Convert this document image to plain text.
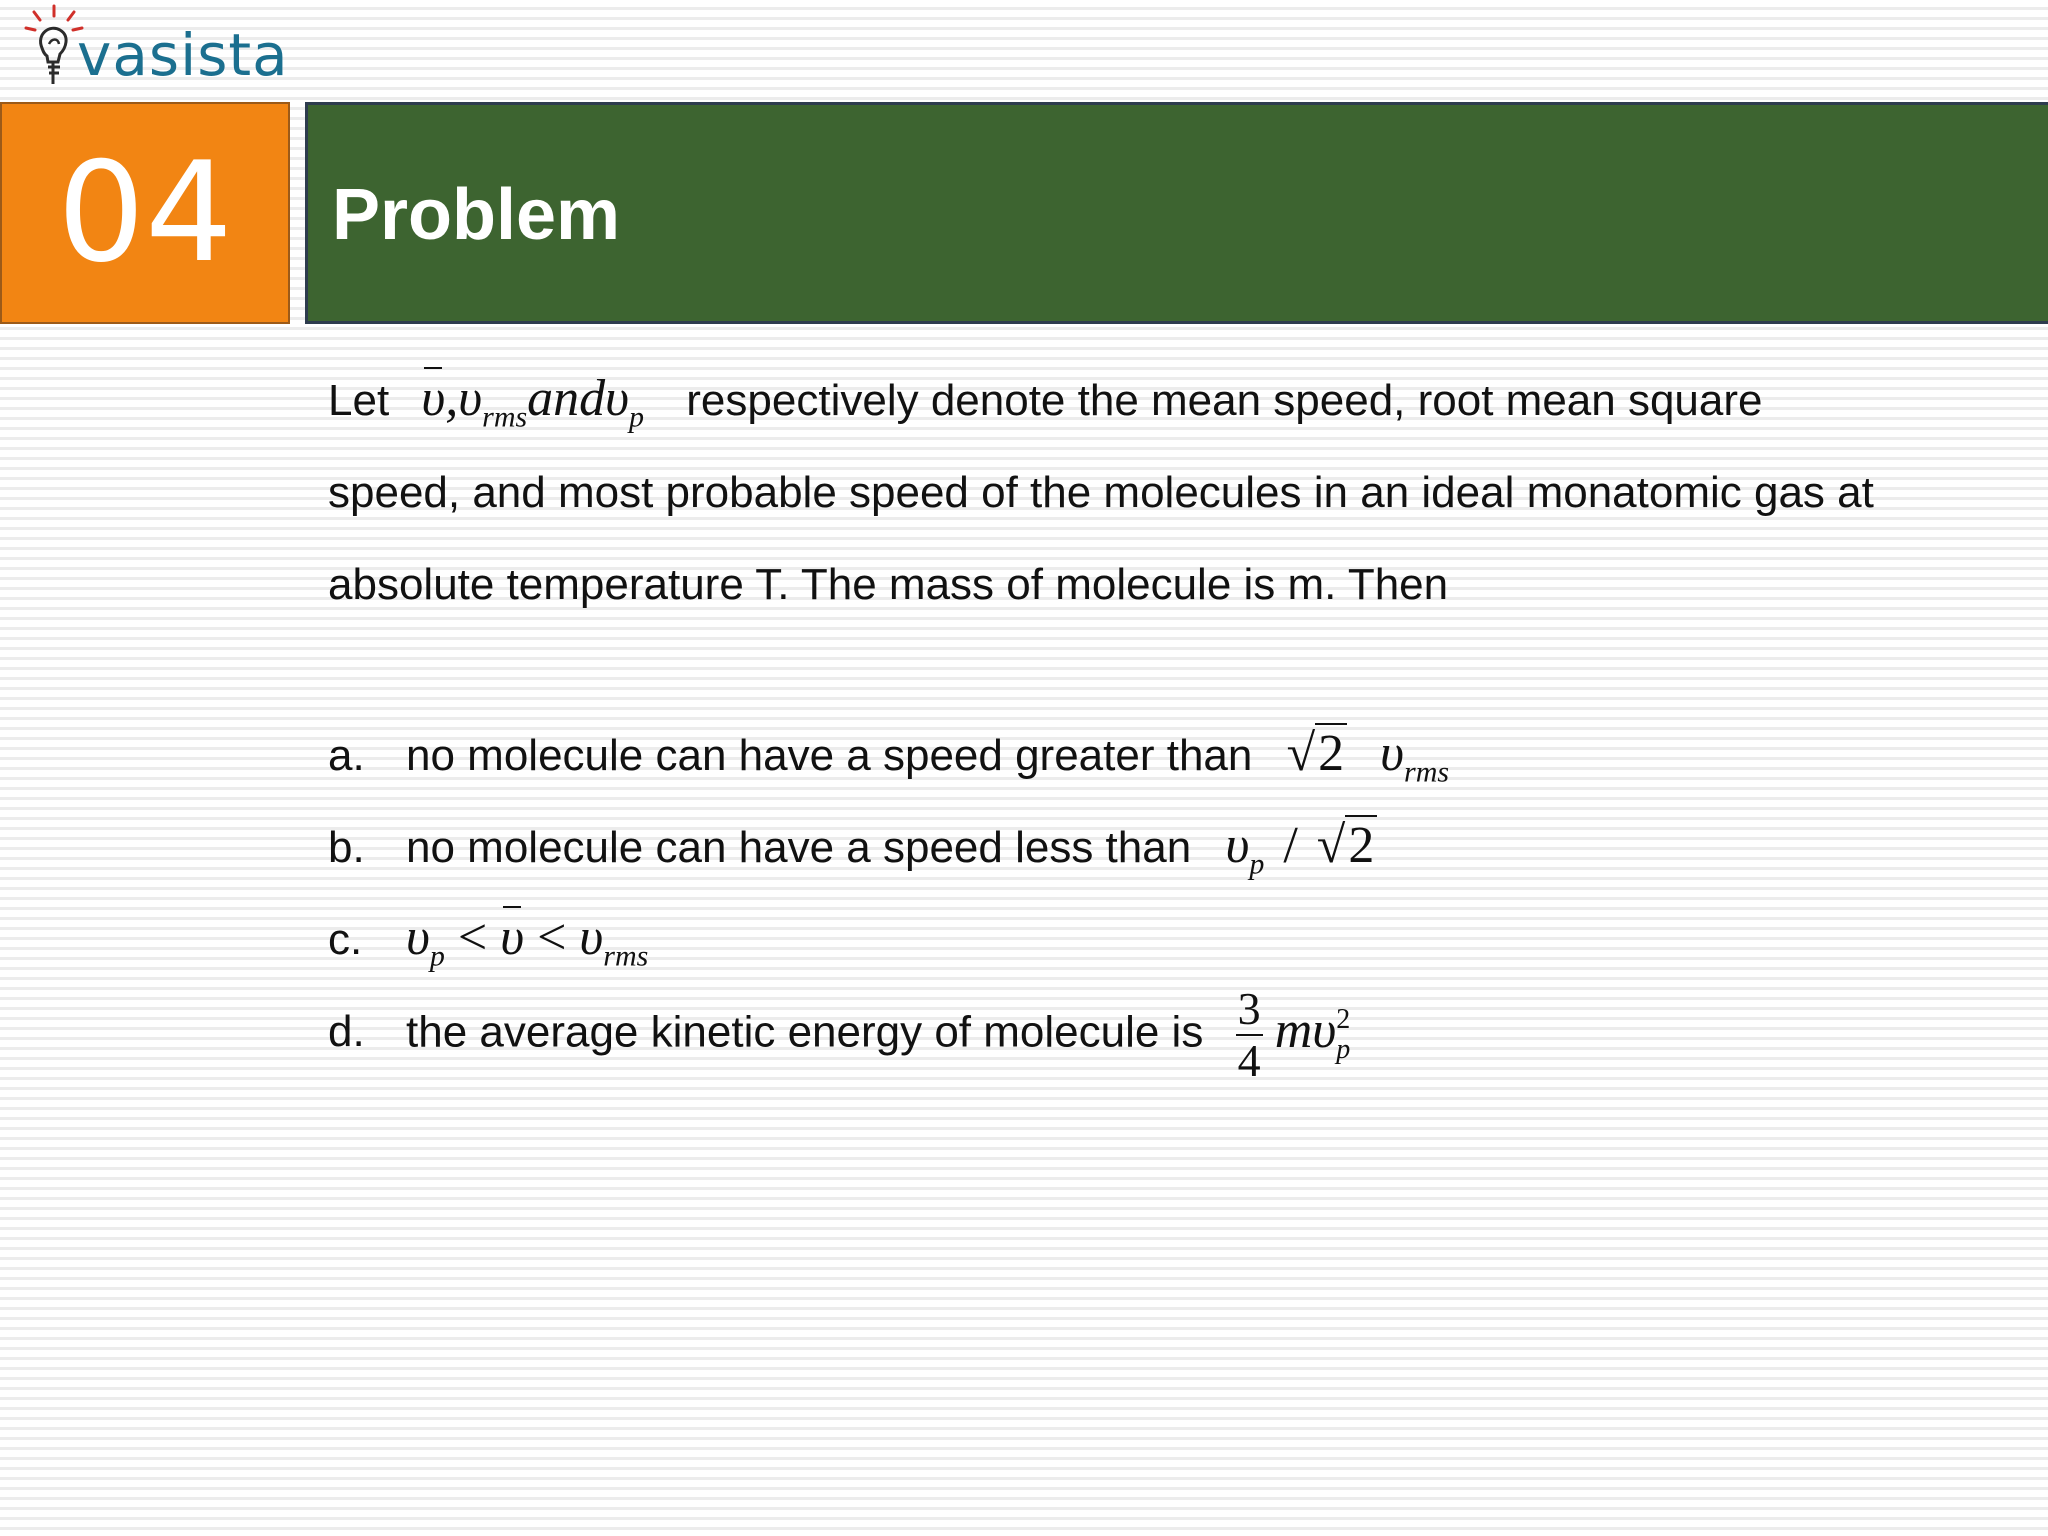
vasista
04 Problem
Let $\upsilon,\upsilon_{rms}and\upsilon_p$ respectively denote the mean speed, root mean square
speed, and most probable speed of the molecules in an ideal monatomic gas at
absolute temperature T. The mass of molecule is m. Then
a. no molecule can have a speed greater than √2 $\upsilon_{rms}$
b. no molecule can have a speed less than $\upsilon_p / √2$
c. $\upsilon_p < \upsilon < \upsilon_{rms}$
d. the average kinetic energy of molecule is $\frac{3}{4}$ mυ 2
p
